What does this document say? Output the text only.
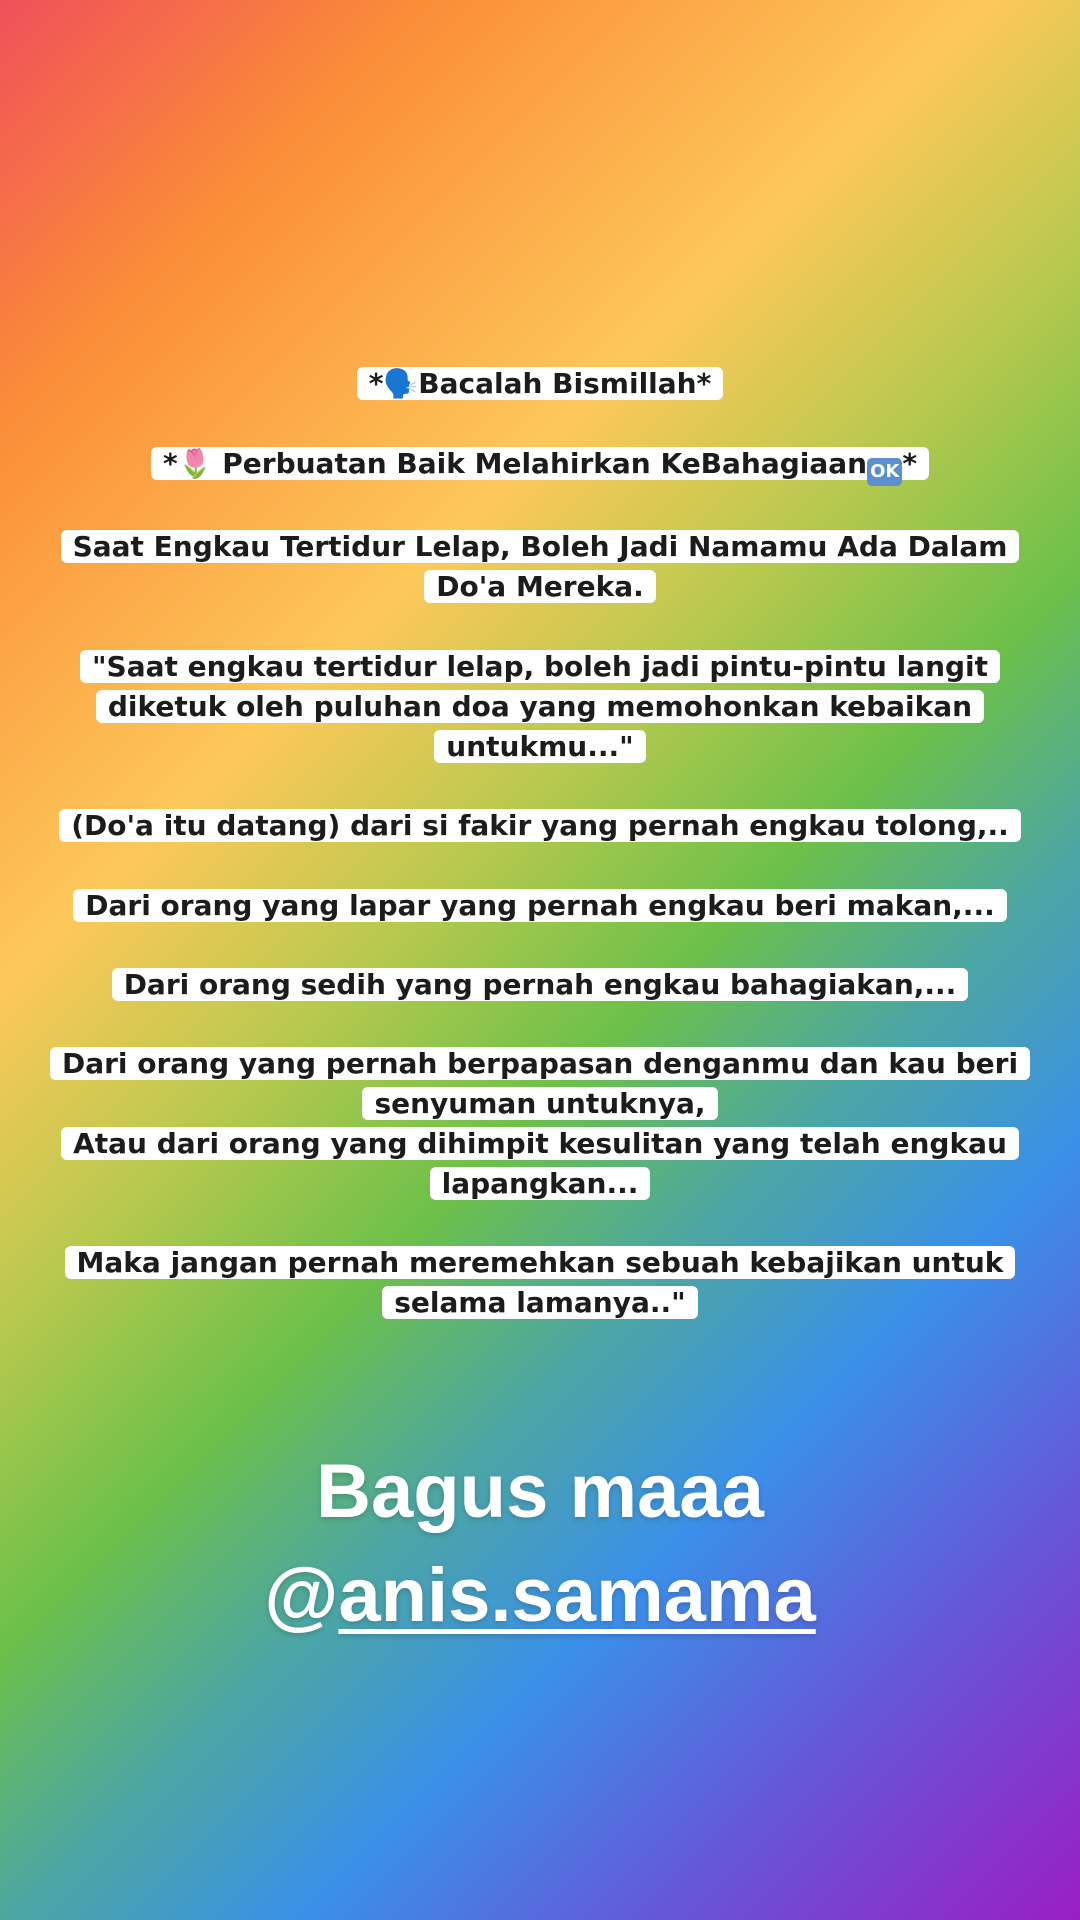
*🗣️Bacalah Bismillah*
*🌷 Perbuatan Baik Melahirkan KeBahagiaan OK *
Saat Engkau Tertidur Lelap, Boleh Jadi Namamu Ada Dalam Do'a Mereka.
"Saat engkau tertidur lelap, boleh jadi pintu-pintu langit diketuk oleh puluhan doa yang memohonkan kebaikan untukmu..."
(Do'a itu datang) dari si fakir yang pernah engkau tolong,..
Dari orang yang lapar yang pernah engkau beri makan,...
Dari orang sedih yang pernah engkau bahagiakan,...
Dari orang yang pernah berpapasan denganmu dan kau beri senyuman untuknya,
Atau dari orang yang dihimpit kesulitan yang telah engkau lapangkan...
Maka jangan pernah meremehkan sebuah kebajikan untuk selama lamanya.."
Bagus maaa
@anis.samama
